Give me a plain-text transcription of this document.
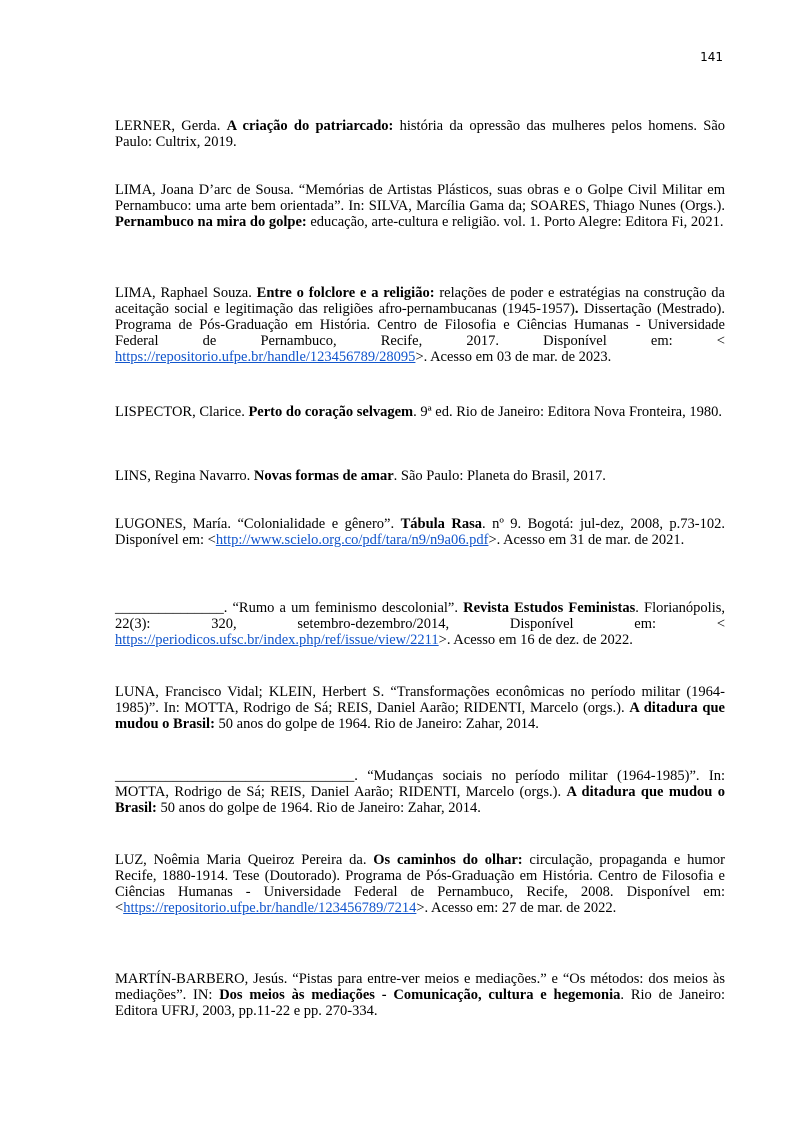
141

LERNER, Gerda. A criação do patriarcado: história da opressão das mulheres pelos homens. São Paulo: Cultrix, 2019.

LIMA, Joana D’arc de Sousa. “Memórias de Artistas Plásticos, suas obras e o Golpe Civil Militar em Pernambuco: uma arte bem orientada”. In: SILVA, Marcília Gama da; SOARES, Thiago Nunes (Orgs.). Pernambuco na mira do golpe: educação, arte-cultura e religião. vol. 1. Porto Alegre: Editora Fi, 2021.

LIMA, Raphael Souza. Entre o folclore e a religião: relações de poder e estratégias na construção da aceitação social e legitimação das religiões afro-pernambucanas (1945-1957). Dissertação (Mestrado). Programa de Pós-Graduação em História. Centro de Filosofia e Ciências Humanas - Universidade Federal de Pernambuco, Recife, 2017. Disponível em: < https://repositorio.ufpe.br/handle/123456789/28095>. Acesso em 03 de mar. de 2023.

LISPECTOR, Clarice. Perto do coração selvagem. 9ª ed. Rio de Janeiro: Editora Nova Fronteira, 1980.

LINS, Regina Navarro. Novas formas de amar. São Paulo: Planeta do Brasil, 2017.

LUGONES, María. “Colonialidade e gênero”. Tábula Rasa. nº 9. Bogotá: jul-dez, 2008, p.73-102. Disponível em: <http://www.scielo.org.co/pdf/tara/n9/n9a06.pdf>. Acesso em 31 de mar. de 2021.

_______________. “Rumo a um feminismo descolonial”. Revista Estudos Feministas. Florianópolis, 22(3): 320, setembro-dezembro/2014, Disponível em: < https://periodicos.ufsc.br/index.php/ref/issue/view/2211>. Acesso em 16 de dez. de 2022.

LUNA, Francisco Vidal; KLEIN, Herbert S. “Transformações econômicas no período militar (1964-1985)”. In: MOTTA, Rodrigo de Sá; REIS, Daniel Aarão; RIDENTI, Marcelo (orgs.). A ditadura que mudou o Brasil: 50 anos do golpe de 1964. Rio de Janeiro: Zahar, 2014.

_________________________________. “Mudanças sociais no período militar (1964-1985)”. In: MOTTA, Rodrigo de Sá; REIS, Daniel Aarão; RIDENTI, Marcelo (orgs.). A ditadura que mudou o Brasil: 50 anos do golpe de 1964. Rio de Janeiro: Zahar, 2014.

LUZ, Noêmia Maria Queiroz Pereira da. Os caminhos do olhar: circulação, propaganda e humor Recife, 1880-1914. Tese (Doutorado). Programa de Pós-Graduação em História. Centro de Filosofia e Ciências Humanas - Universidade Federal de Pernambuco, Recife, 2008. Disponível em: <https://repositorio.ufpe.br/handle/123456789/7214>. Acesso em: 27 de mar. de 2022.

MARTÍN-BARBERO, Jesús. “Pistas para entre-ver meios e mediações.” e “Os métodos: dos meios às mediações”. IN: Dos meios às mediações - Comunicação, cultura e hegemonia. Rio de Janeiro: Editora UFRJ, 2003, pp.11-22 e pp. 270-334.
